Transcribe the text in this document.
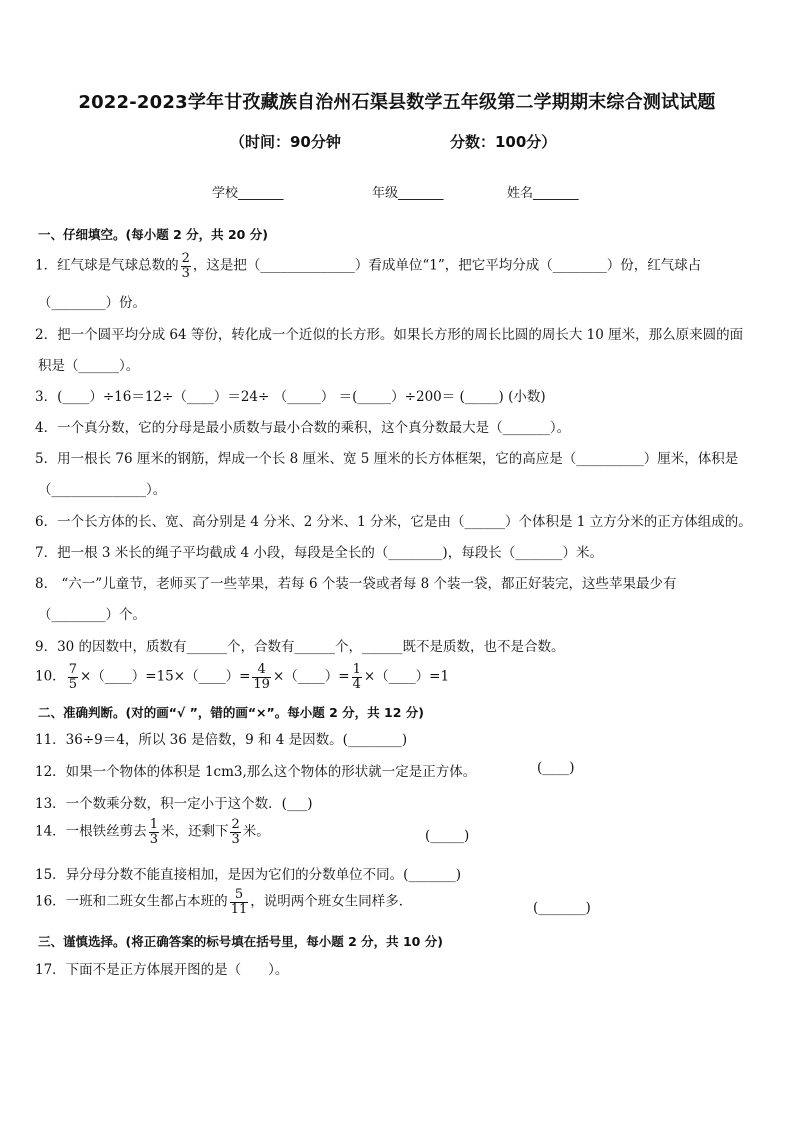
2022-2023学年甘孜藏族自治州石渠县数学五年级第二学期期末综合测试试题
（时间：90分钟	分数：100分）
学校_______	年级_______	姓名_______
一、仔细填空。(每小题 2 分，共 20 分)
1．红气球是气球总数的 $\frac{2}{3}$ ，这是把（______________）看成单位“1”，把它平均分成（________）份，红气球占
（________）份。
2．把一个圆平均分成 64 等份，转化成一个近似的长方形。如果长方形的周长比圆的周长大 10 厘米，那么原来圆的面
积是（______）。
3．(____）÷16＝12÷（____）＝24÷ （_____） ＝(_____）÷200＝ (_____) (小数)
4．一个真分数，它的分母是最小质数与最小合数的乘积，这个真分数最大是（_______）。
5．用一根长 76 厘米的钢筋，焊成一个长 8 厘米、宽 5 厘米的长方体框架，它的高应是（__________）厘米，体积是
（______________）。
6．一个长方体的长、宽、高分别是 4 分米、2 分米、1 分米，它是由（______）个体积是 1 立方分米的正方体组成的。
7．把一根 3 米长的绳子平均截成 4 小段，每段是全长的（________)，每段长（_______）米。
8． “六一”儿童节，老师买了一些苹果，若每 6 个装一袋或者每 8 个装一袋，都正好装完，这些苹果最少有
（________）个。
9．30 的因数中，质数有______个，合数有______个，______既不是质数，也不是合数。
10． $\frac{7}{5}$ ×（____）=15×（____）= $\frac{4}{19}$ ×（____）= $\frac{1}{4}$ ×（____）=1
二、准确判断。(对的画“√ ”，错的画“×”。每小题 2 分，共 12 分)
11．36÷9＝4，所以 36 是倍数，9 和 4 是因数。(________)
12．如果一个物体的体积是 1cm3,那么这个物体的形状就一定是正方体。	(____)
13．一个数乘分数，积一定小于这个数．(___)
14．一根铁丝剪去 $\frac{1}{3}$ 米，还剩下 $\frac{2}{3}$ 米。	(_____)
15．异分母分数不能直接相加，是因为它们的分数单位不同。(_______)
16．一班和二班女生都占本班的 $\frac{5}{11}$ ，说明两个班女生同样多．	(_______)
三、谨慎选择。(将正确答案的标号填在括号里，每小题 2 分，共 10 分)
17．下面不是正方体展开图的是（　　）。
